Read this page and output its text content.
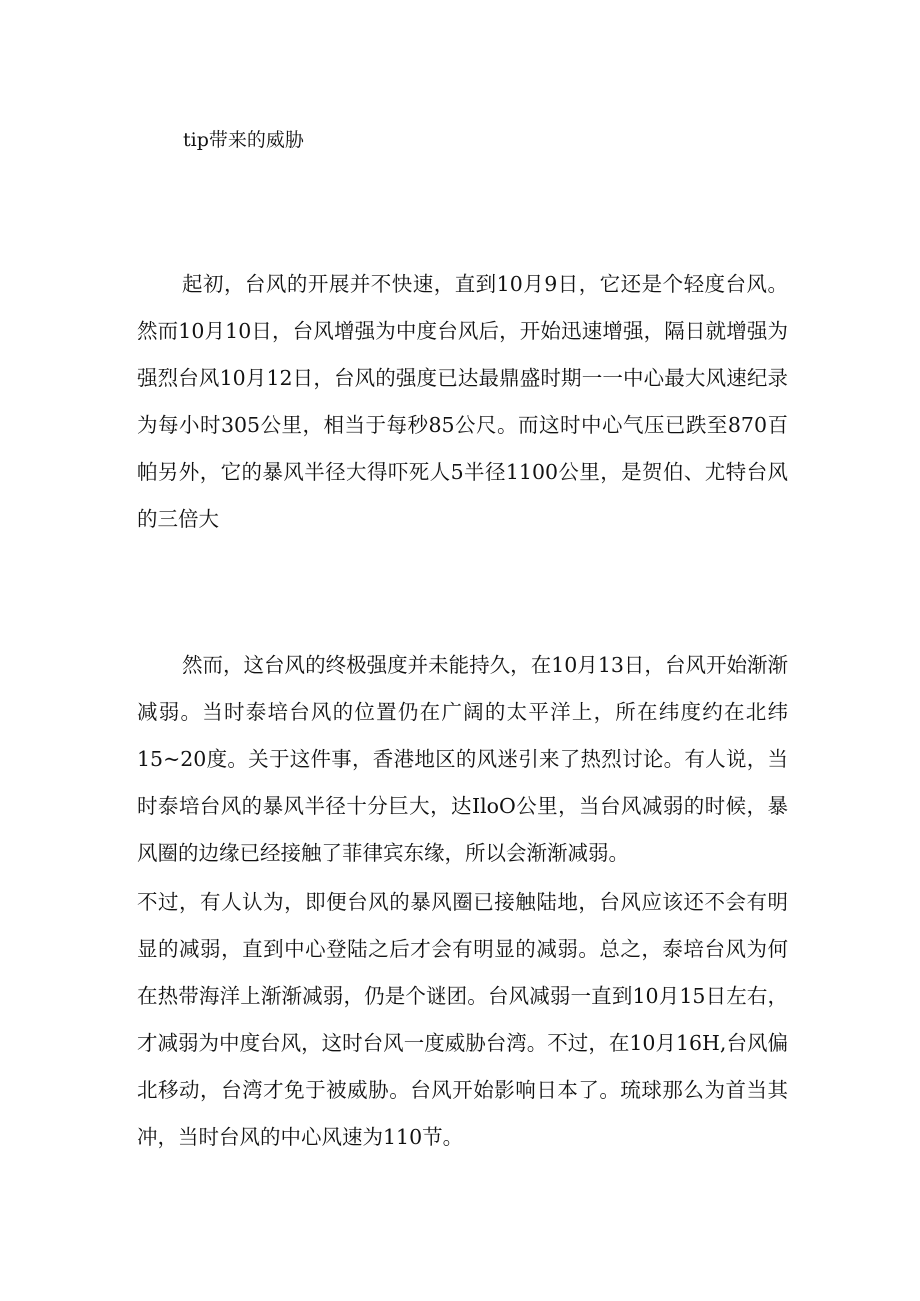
tip带来的威胁

起初，台风的开展并不快速，直到10月9日，它还是个轻度台风。然而10月10日，台风增强为中度台风后，开始迅速增强，隔日就增强为强烈台风10月12日，台风的强度已达最鼎盛时期一一中心最大风速纪录为每小时305公里，相当于每秒85公尺。而这时中心气压已跌至870百帕另外，它的暴风半径大得吓死人5半径1100公里，是贺伯、尤特台风的三倍大

然而，这台风的终极强度并未能持久，在10月13日，台风开始渐渐减弱。当时泰培台风的位置仍在广阔的太平洋上，所在纬度约在北纬15~20度。关于这件事，香港地区的风迷引来了热烈讨论。有人说，当时泰培台风的暴风半径十分巨大，达IloO公里，当台风减弱的时候，暴风圈的边缘已经接触了菲律宾东缘，所以会渐渐减弱。

不过，有人认为，即便台风的暴风圈已接触陆地，台风应该还不会有明显的减弱，直到中心登陆之后才会有明显的减弱。总之，泰培台风为何在热带海洋上渐渐减弱，仍是个谜团。台风减弱一直到10月15日左右，才减弱为中度台风，这时台风一度威胁台湾。不过，在10月16H,台风偏北移动，台湾才免于被威胁。台风开始影响日本了。琉球那么为首当其冲，当时台风的中心风速为110节。
